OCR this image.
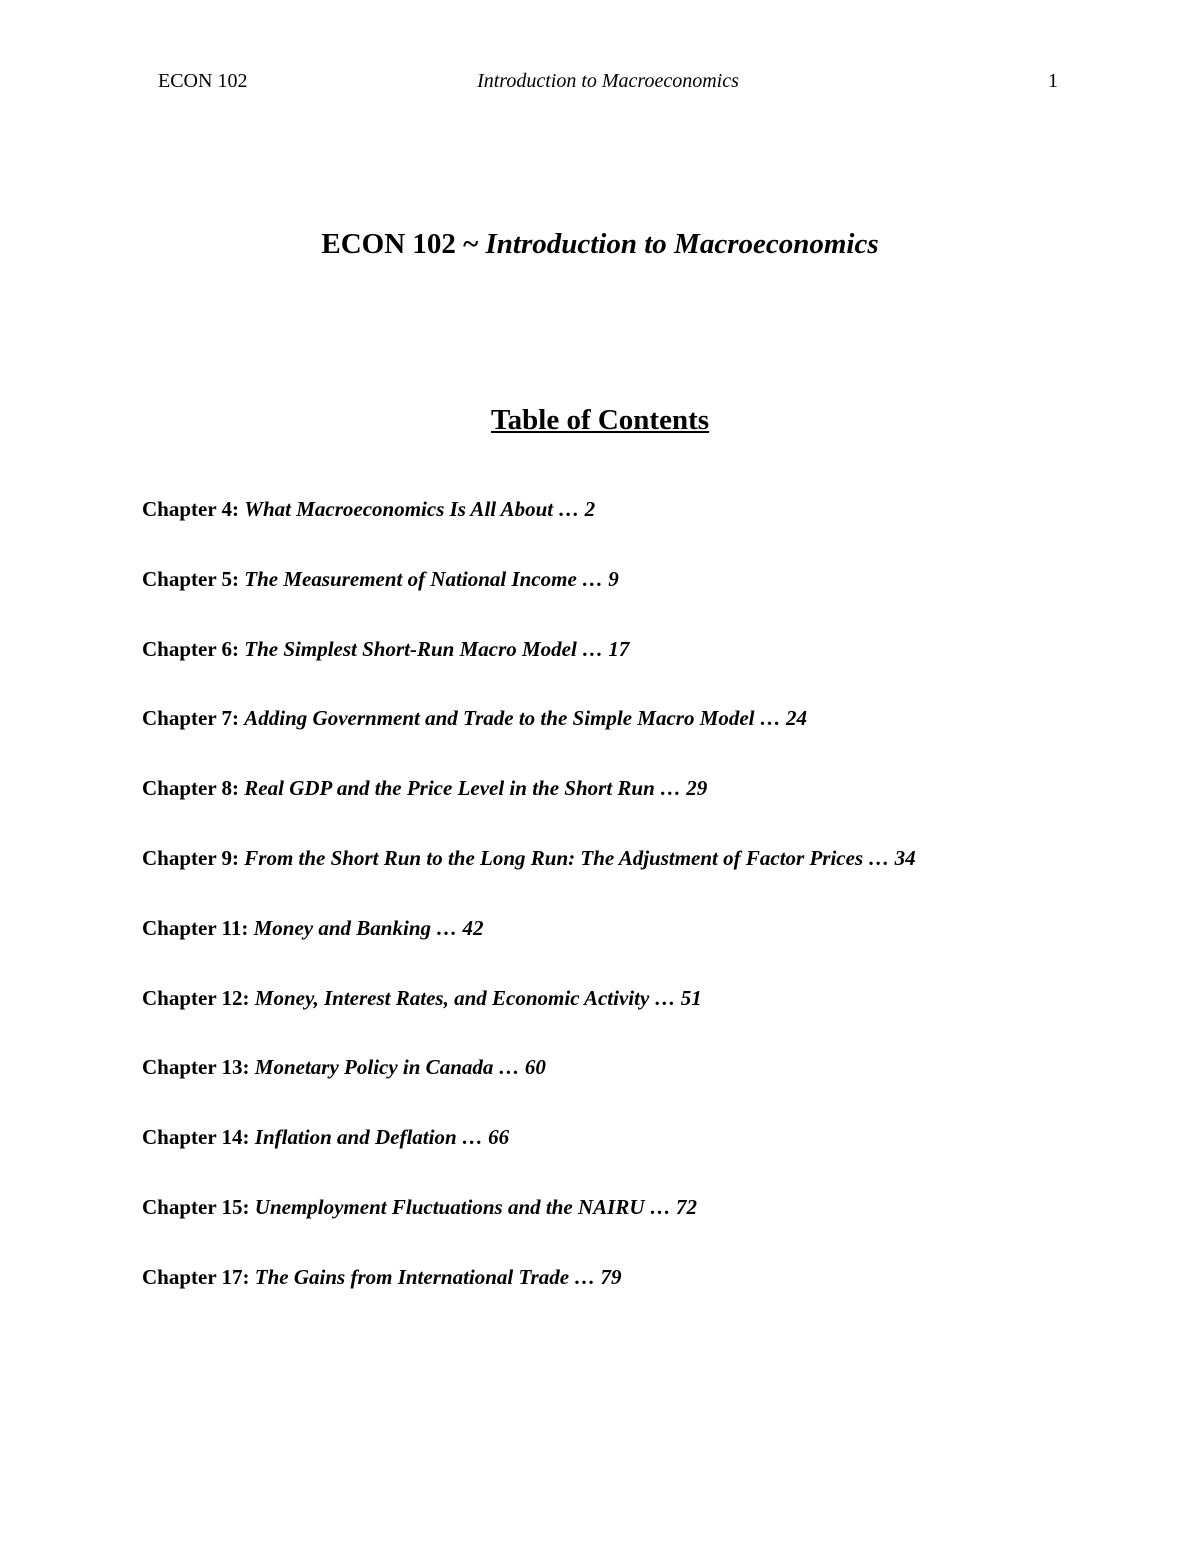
ECON 102	Introduction to Macroeconomics	1
ECON 102 ~ Introduction to Macroeconomics
Table of Contents
Chapter 4: What Macroeconomics Is All About … 2
Chapter 5: The Measurement of National Income … 9
Chapter 6: The Simplest Short-Run Macro Model … 17
Chapter 7: Adding Government and Trade to the Simple Macro Model … 24
Chapter 8: Real GDP and the Price Level in the Short Run … 29
Chapter 9: From the Short Run to the Long Run: The Adjustment of Factor Prices … 34
Chapter 11: Money and Banking … 42
Chapter 12: Money, Interest Rates, and Economic Activity … 51
Chapter 13: Monetary Policy in Canada … 60
Chapter 14: Inflation and Deflation … 66
Chapter 15: Unemployment Fluctuations and the NAIRU … 72
Chapter 17: The Gains from International Trade … 79
